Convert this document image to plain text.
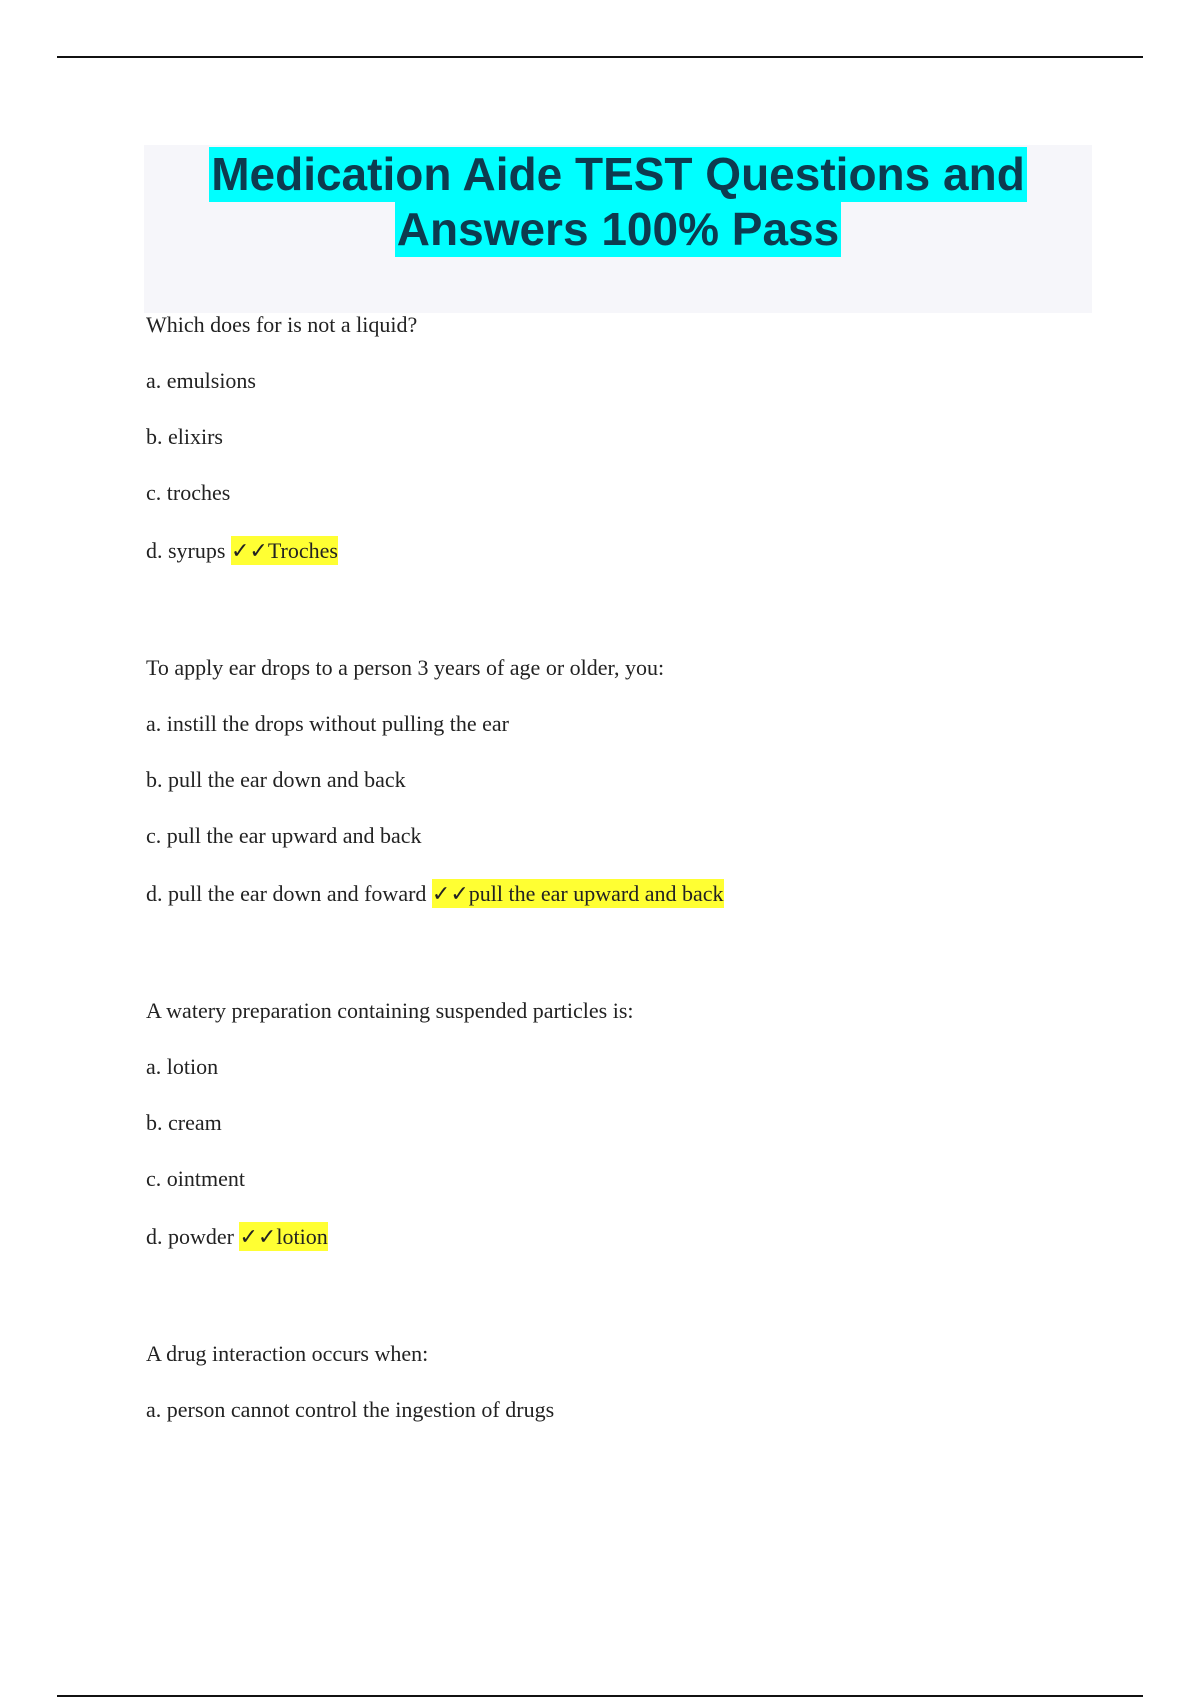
Medication Aide TEST Questions and
Answers 100% Pass

Which does for is not a liquid?

a. emulsions

b. elixirs

c. troches

d. syrups ✓✓Troches

To apply ear drops to a person 3 years of age or older, you:

a. instill the drops without pulling the ear

b. pull the ear down and back

c. pull the ear upward and back

d. pull the ear down and foward ✓✓pull the ear upward and back

A watery preparation containing suspended particles is:

a. lotion

b. cream

c. ointment

d. powder ✓✓lotion

A drug interaction occurs when:

a. person cannot control the ingestion of drugs
